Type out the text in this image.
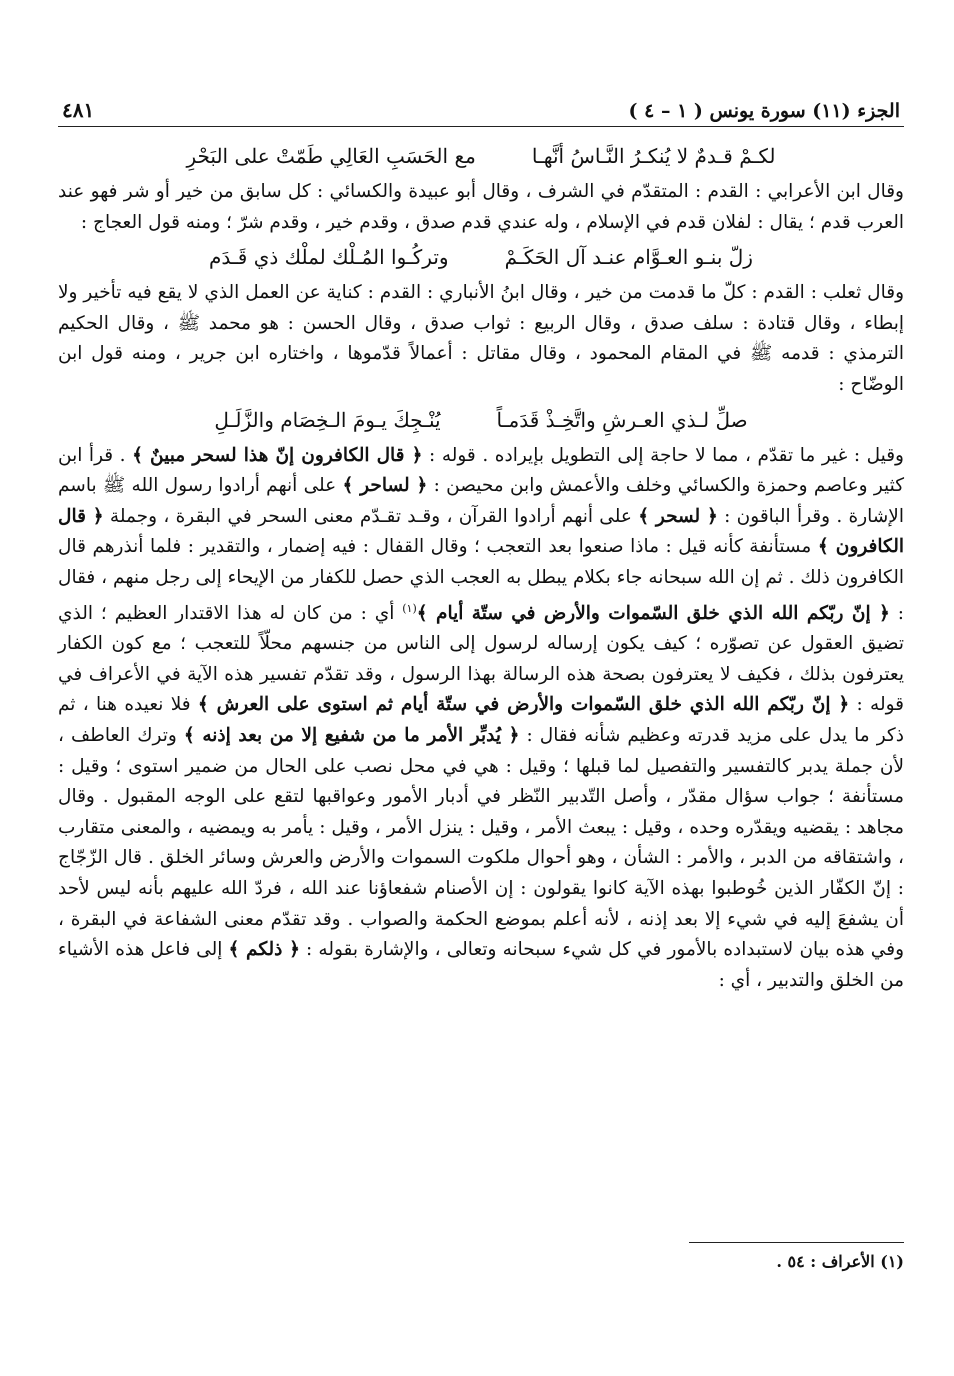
الجزء (١١) سورة يونس ( ١ – ٤ )
٤٨١
لكـمْ قـدمٌ لا يُنكـرُ النَّـاسُ أنَّهـا
مع الحَسَبِ العَالِي طَمّتْ على البَحْرِ

وقال ابن الأعرابي : القدم : المتقدّم في الشرف ، وقال أبو عبيدة والكسائي : كل سابق من خير أو شر فهو عند العرب قدم ؛ يقال : لفلان قدم في الإسلام ، وله عندي قدم صدق ، وقدم خير ، وقدم شرّ ؛ ومنه قول العجاج :

زلّ بنـو العـوَّام عنـد آل الحَكَـمْ
وتركُـوا المُـلْك لملْك ذي قَـدَم

وقال ثعلب : القدم : كلّ ما قدمت من خير ، وقال ابنُ الأنباري : القدم : كناية عن العمل الذي لا يقع فيه تأخير ولا إبطاء ، وقال قتادة : سلف صدق ، وقال الربيع : ثواب صدق ، وقال الحسن : هو محمد ﷺ ، وقال الحكيم الترمذي : قدمه ﷺ في المقام المحمود ، وقال مقاتل : أعمالاً قدّموها ، واختاره ابن جرير ، ومنه قول ابن الوضّاح :

صلِّ لـذي العـرشِ واتَّخِـذْ قَدَمـاً
يُنْـجِكَ يـومَ الـخِصَام والزَّلَـلِ

وقيل : غير ما تقدّم ، مما لا حاجة إلى التطويل بإيراده . قوله : ﴿ قال الكافرون إنّ هذا لسحر مبينٌ ﴾ . قرأ ابن كثير وعاصم وحمزة والكسائي وخلف والأعمش وابن محيصن : ﴿ لساحر ﴾ على أنهم أرادوا رسول الله ﷺ باسم الإشارة . وقرأ الباقون : ﴿ لسحر ﴾ على أنهم أرادوا القرآن ، وقـد تقـدّم معنى السحر في البقرة ، وجملة ﴿ قال الكافرون ﴾ مستأنفة كأنه قيل : ماذا صنعوا بعد التعجب ؛ وقال القفال : فيه إضمار ، والتقدير : فلما أنذرهم قال الكافرون ذلك . ثم إن الله سبحانه جاء بكلام يبطل به العجب الذي حصل للكفار من الإيحاء إلى رجل منهم ، فقال : ﴿ إنّ ربّكم الله الذي خلق السّموات والأرض في ستّة أيام ﴾$^{(١)}$ أي : من كان له هذا الاقتدار العظيم ؛ الذي تضيق العقول عن تصوّره ؛ كيف يكون إرساله لرسول إلى الناس من جنسهم محلّاً للتعجب ؛ مع كون الكفار يعترفون بذلك ، فكيف لا يعترفون بصحة هذه الرسالة بهذا الرسول ، وقد تقدّم تفسير هذه الآية في الأعراف في قوله : ﴿ إنّ ربّكم الله الذي خلق السّموات والأرض في ستّة أيام ثم استوى على العرش ﴾ فلا نعيده هنا ، ثم ذكر ما يدل على مزيد قدرته وعظيم شأنه فقال : ﴿ يُدبِّر الأمر ما من شفيع إلا من بعد إذنه ﴾ وترك العاطف ، لأن جملة يدبر كالتفسير والتفصيل لما قبلها ؛ وقيل : هي في محل نصب على الحال من ضمير استوى ؛ وقيل : مستأنفة ؛ جواب سؤال مقدّر ، وأصل التّدبير النّظر في أدبار الأمور وعواقبها لتقع على الوجه المقبول . وقال مجاهد : يقضيه ويقدّره وحده ، وقيل : يبعث الأمر ، وقيل : ينزل الأمر ، وقيل : يأمر به ويمضيه ، والمعنى متقارب ، واشتقاقه من الدبر ، والأمر : الشأن ، وهو أحوال ملكوت السموات والأرض والعرش وسائر الخلق . قال الزّجّاج : إنّ الكفّار الذين خُوطبوا بهذه الآية كانوا يقولون : إن الأصنام شفعاؤنا عند الله ، فردّ الله عليهم بأنه ليس لأحد أن يشفعَ إليه في شيء إلا بعد إذنه ، لأنه أعلم بموضع الحكمة والصواب . وقد تقدّم معنى الشفاعة في البقرة ، وفي هذه بيان لاستبداده بالأمور في كل شيء سبحانه وتعالى ، والإشارة بقوله : ﴿ ذلكم ﴾ إلى فاعل هذه الأشياء من الخلق والتدبير ، أي :

(١) الأعراف : ٥٤ .
